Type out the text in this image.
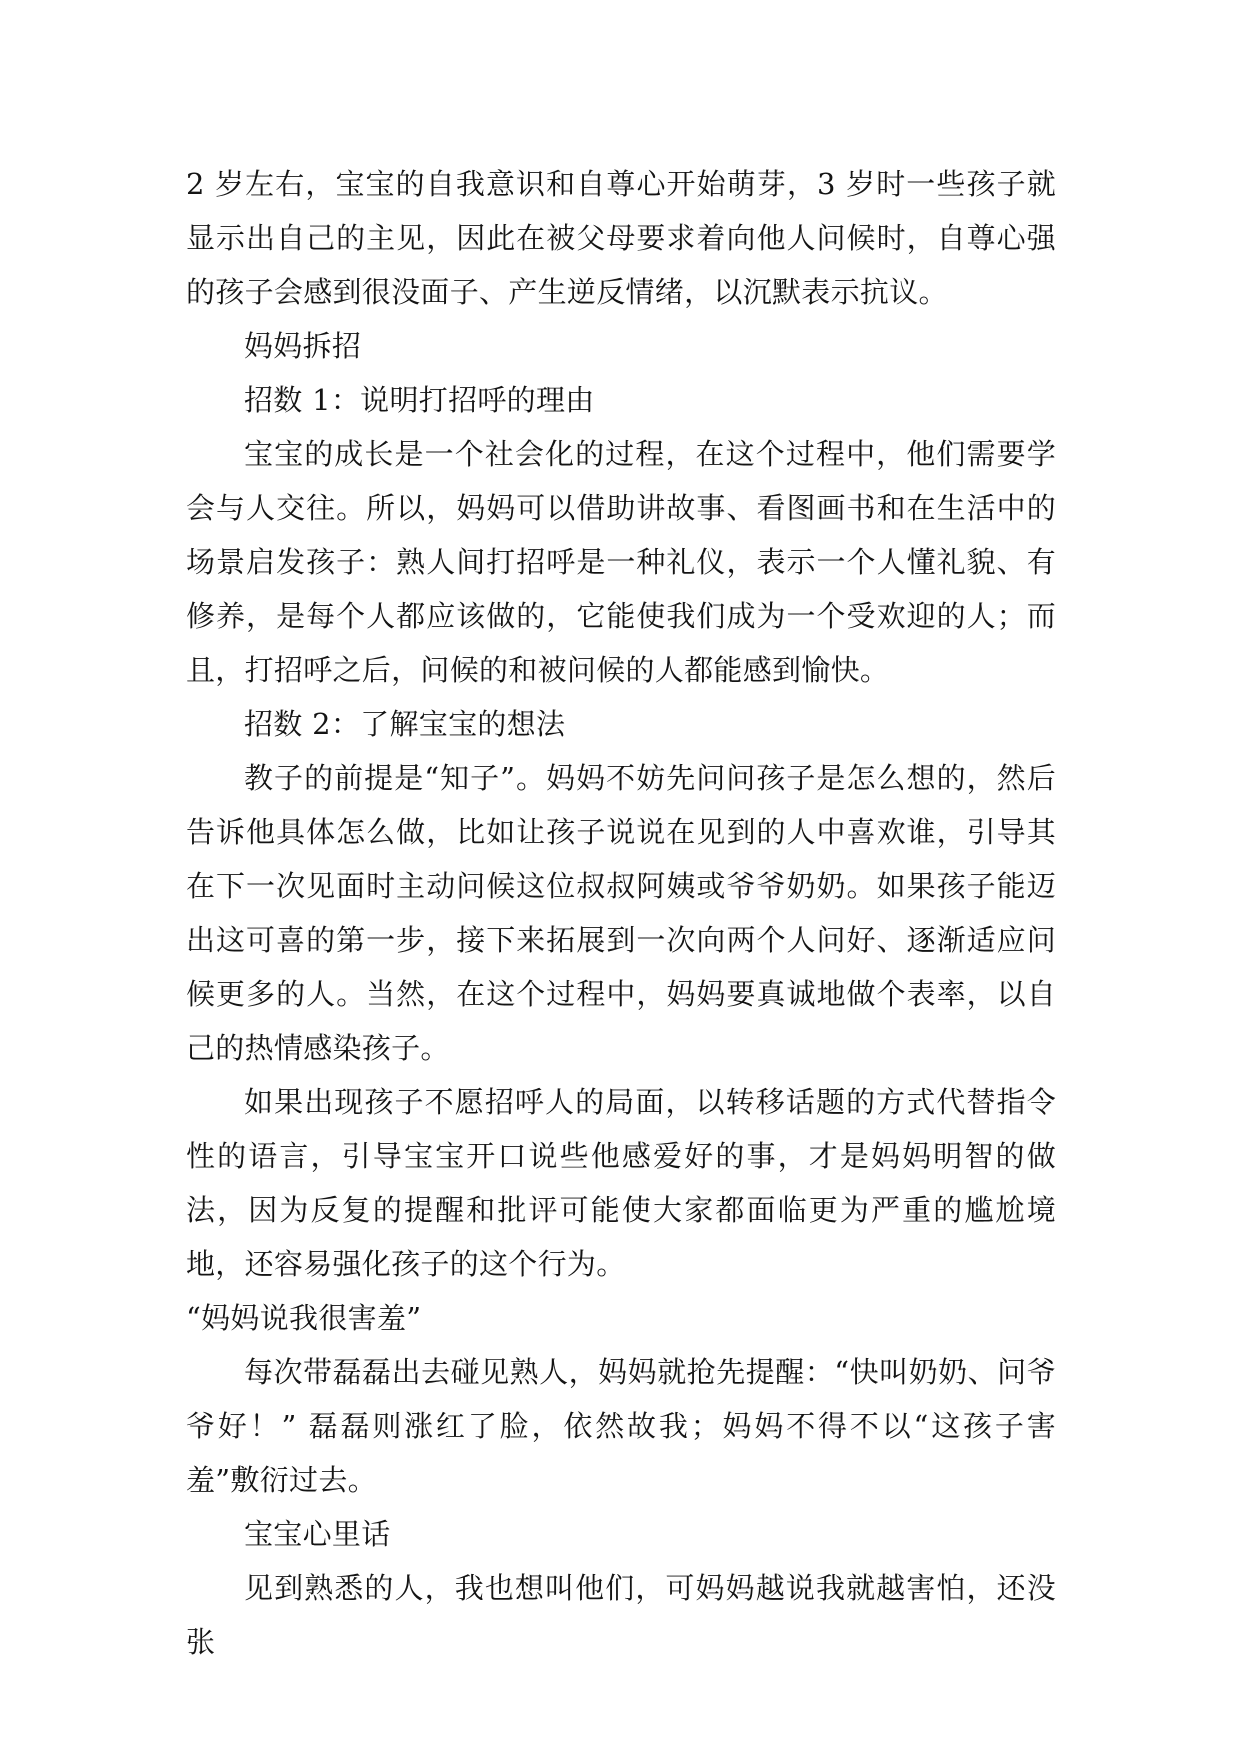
2 岁左右，宝宝的自我意识和自尊心开始萌芽，3 岁时一些孩子就显示出自己的主见，因此在被父母要求着向他人问候时，自尊心强的孩子会感到很没面子、产生逆反情绪，以沉默表示抗议。

妈妈拆招

招数 1：说明打招呼的理由

宝宝的成长是一个社会化的过程，在这个过程中，他们需要学会与人交往。所以，妈妈可以借助讲故事、看图画书和在生活中的场景启发孩子：熟人间打招呼是一种礼仪，表示一个人懂礼貌、有修养，是每个人都应该做的，它能使我们成为一个受欢迎的人；而且，打招呼之后，问候的和被问候的人都能感到愉快。

招数 2：了解宝宝的想法

教子的前提是“知子”。妈妈不妨先问问孩子是怎么想的，然后告诉他具体怎么做，比如让孩子说说在见到的人中喜欢谁，引导其在下一次见面时主动问候这位叔叔阿姨或爷爷奶奶。如果孩子能迈出这可喜的第一步，接下来拓展到一次向两个人问好、逐渐适应问候更多的人。当然，在这个过程中，妈妈要真诚地做个表率，以自己的热情感染孩子。

如果出现孩子不愿招呼人的局面，以转移话题的方式代替指令性的语言，引导宝宝开口说些他感爱好的事，才是妈妈明智的做法，因为反复的提醒和批评可能使大家都面临更为严重的尴尬境地，还容易强化孩子的这个行为。

“妈妈说我很害羞”

每次带磊磊出去碰见熟人，妈妈就抢先提醒：“快叫奶奶、问爷爷好！” 磊磊则涨红了脸，依然故我；妈妈不得不以“这孩子害羞”敷衍过去。

宝宝心里话

见到熟悉的人，我也想叫他们，可妈妈越说我就越害怕，还没张
